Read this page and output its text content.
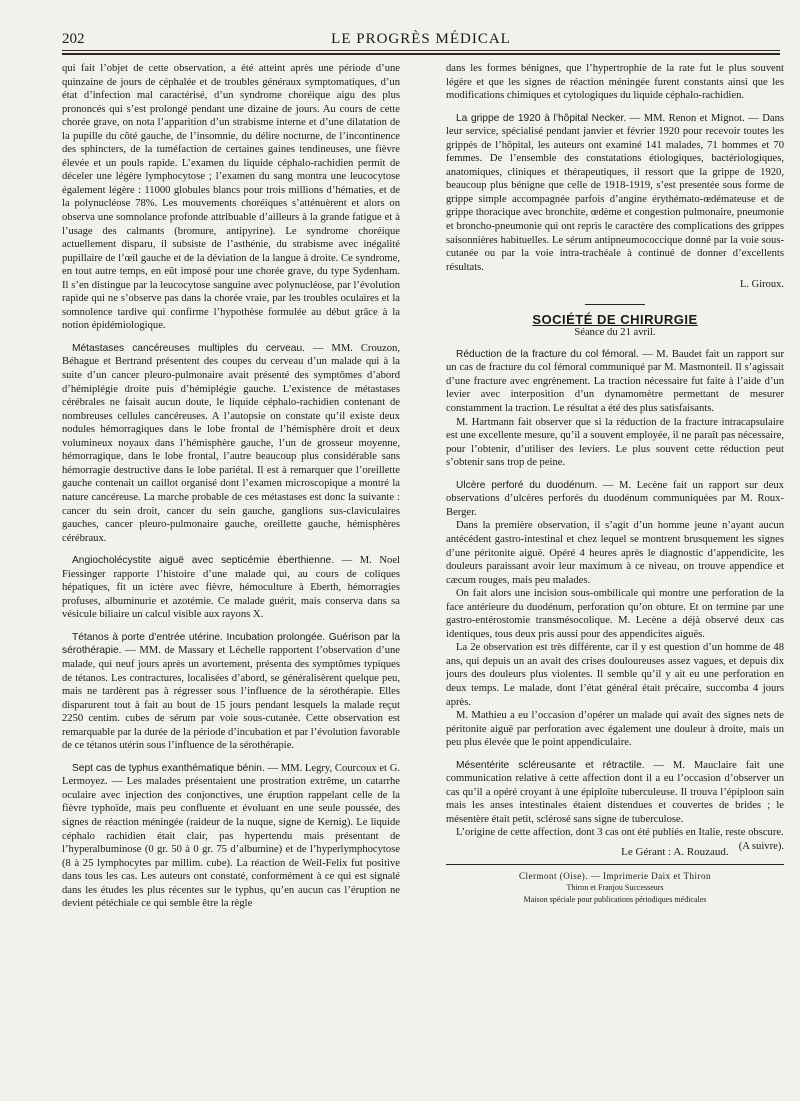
202	LE PROGRÈS MÉDICAL

qui fait l’objet de cette observation, a été atteint après une période d’une quinzaine de jours de céphalée et de troubles généraux symptomatiques, d’un état d’infection mal caractérisé, d’un syndrome choréique aigu des plus prononcés qui s’est prolongé pendant une dizaine de jours. Au cours de cette chorée grave, on nota l’apparition d’un strabisme interne et d’une dilatation de la pupille du côté gauche, de l’insomnie, du délire nocturne, de l’incontinence des sphincters, de la tuméfaction de certaines gaines tendineuses, une fièvre élevée et un pouls rapide. L’examen du liquide céphalo-rachidien permit de déceler une légère lymphocytose ; l’examen du sang montra une leucocytose également légère : 11000 globules blancs pour trois millions d’hématies, et de la polynucléose 78%. Les mouvements choréiques s’atténuèrent et alors on observa une somnolance profonde attribuable d’ailleurs à la grande fatigue et à l’usage des calmants (bromure, antipyrine). Le syndrome choréique actuellement disparu, il subsiste de l’asthénie, du strabisme avec inégalité pupillaire de l’œil gauche et de la déviation de la langue à droite. Ce syndrome, en tout autre temps, en eût imposé pour une chorée grave, du type Sydenham. Il s’en distingue par la leucocytose sanguine avec polynucléose, par l’évolution rapide qui ne s’observe pas dans la chorée vraie, par les troubles oculaires et la somnolence tardive qui confirme l’hypothèse formulée au début grâce à la notion épidémiologique.

Métastases cancéreuses multiples du cerveau. — MM. Crouzon, Béhague et Bertrand présentent des coupes du cerveau d’un malade qui à la suite d’un cancer pleuro-pulmonaire avait présenté des symptômes d’abord d’hémiplégie droite puis d’hémiplégie gauche. L’existence de métastases cérébrales ne faisait aucun doute, le liquide céphalo-rachidien contenant de nombreuses cellules cancéreuses. A l’autopsie on constate qu’il existe deux nodules hémorragiques dans le lobe frontal de l’hémisphère droit et deux volumineux noyaux dans l’hémisphère gauche, l’un de grosseur moyenne, hémorragique, dans le lobe frontal, l’autre beaucoup plus considérable sans hémorragie destructive dans le lobe pariétal. Il est à remarquer que l’oreillette gauche contenait un caillot organisé dont l’examen microscopique a montré la nature cancéreuse. La marche probable de ces métastases est donc la suivante : cancer du sein droit, cancer du sein gauche, ganglions sus-claviculaires gauches, cancer pleuro-pulmonaire gauche, oreillette gauche, hémisphères cérébraux.

Angiocholécystite aiguë avec septicémie éberthienne. — M. Noel Fiessinger rapporte l’histoire d’une malade qui, au cours de coliques hépatiques, fit un ictère avec fièvre, hémoculture à Eberth, hémorragies profuses, albuminurie et azotémie. Ce malade guérit, mais conserva dans sa vésicule biliaire un calcul visible aux rayons X.

Tétanos à porte d’entrée utérine. Incubation prolongée. Guérison par la sérothérapie. — MM. de Massary et Léchelle rapportent l’observation d’une malade, qui neuf jours après un avortement, présenta des symptômes typiques de tétanos. Les contractures, localisées d’abord, se généralisèrent quelque peu, mais ne tardèrent pas à régresser sous l’influence de la sérothérapie. Elles disparurent tout à fait au bout de 15 jours pendant lesquels la malade reçut 2250 centim. cubes de sérum par voie sous-cutanée. Cette observation est remarquable par la durée de la période d’incubation et par l’évolution favorable de ce tétanos utérin sous l’influence de la sérothérapie.

Sept cas de typhus exanthématique bénin. — MM. Legry, Courcoux et G. Lermoyez. — Les malades présentaient une prostration extrême, un catarrhe oculaire avec injection des conjonctives, une éruption rappelant celle de la fièvre typhoïde, mais peu confluente et évoluant en une seule poussée, des signes de réaction méningée (raideur de la nuque, signe de Kernig). Le liquide céphalo rachidien était clair, pas hypertendu mais présentant de l’hyperalbuminose (0 gr. 50 à 0 gr. 75 d’albumine) et de l’hyperlymphocytose (8 à 25 lymphocytes par millim. cube). La réaction de Weil-Felix fut positive dans tous les cas. Les auteurs ont constaté, conformément à ce qui est signalé dans les études les plus récentes sur le typhus, qu’en aucun cas l’éruption ne devient pétéchiale ce qui semble être la règle

dans les formes bénignes, que l’hypertrophie de la rate fut le plus souvent légère et que les signes de réaction méningée furent constants ainsi que les modifications chimiques et cytologiques du liquide céphalo-rachidien.

La grippe de 1920 à l’hôpital Necker. — MM. Renon et Mignot. — Dans leur service, spécialisé pendant janvier et février 1920 pour recevoir toutes les grippés de l’hôpital, les auteurs ont examiné 141 malades, 71 hommes et 70 femmes. De l’ensemble des constatations étiologiques, bactériologiques, anatomiques, cliniques et thérapeutiques, il ressort que la grippe de 1920, beaucoup plus bénigne que celle de 1918-1919, s’est presentée sous forme de grippe simple accompagnée parfois d’angine érythémato-œdémateuse et de grippe thoracique avec bronchite, œdème et congestion pulmonaire, pneumonie et broncho-pneumonie qui ont repris le caractère des complications des grippes saisonnières habituelles. Le sérum antipneumococcique donné par la voie sous-cutanée ou par la voie intra-trachéale à continué de donner d’excellents résultats.

L. Giroux.
SOCIÉTÉ DE CHIRURGIE
Séance du 21 avril.

Réduction de la fracture du col fémoral. — M. Baudet fait un rapport sur un cas de fracture du col fémoral communiqué par M. Masmonteil. Il s’agissait d’une fracture avec engrènement. La traction nécessaire fut faite à l’aide d’un levier avec interposition d’un dynamomètre permettant de mesurer constamment la traction. Le résultat a été des plus satisfaisants.

M. Hartmann fait observer que si la réduction de la fracture intracapsulaire est une excellente mesure, qu’il a souvent employée, il ne paraît pas nécessaire, pour l’obtenir, d’utiliser des leviers. Le plus souvent cette réduction peut s’obtenir sans trop de peine.

Ulcère perforé du duodénum. — M. Lecène fait un rapport sur deux observations d’ulcères perforés du duodénum communiquées par M. Roux-Berger.

Dans la première observation, il s’agit d’un homme jeune n’ayant aucun antécédent gastro-intestinal et chez lequel se montrent brusquement les signes d’une péritonite aiguë. Opéré 4 heures après le diagnostic d’appendicite, les douleurs paraissant avoir leur maximum à ce niveau, on trouve appendice et cæcum rouges, mais peu malades.

On fait alors une incision sous-ombilicale qui montre une perforation de la face antérieure du duodénum, perforation qu’on obture. Et on termine par une gastro-entérostomie transmésocolique. M. Lecène a déjà observé deux cas identiques, tous deux pris aussi pour des appendicites aiguës.

La 2e observation est très différente, car il y est question d’un homme de 48 ans, qui depuis un an avait des crises douloureuses assez vagues, et depuis dix jours des douleurs plus violentes. Il semble qu’il y ait eu une perforation en deux temps. Le malade, dont l’état général était précaire, succomba 4 jours après.

M. Mathieu a eu l’occasion d’opérer un malade qui avait des signes nets de péritonite aiguë par perforation avec également une douleur à droite, mais un peu plus élevée que le point appendiculaire.

Mésentérite scléreusante et rétractile. — M. Mauclaire fait une communication relative à cette affection dont il a eu l’occasion d’observer un cas qu’il a opéré croyant à une épiploïte tuberculeuse. Il trouva l’épiploon sain mais les anses intestinales étaient distendues et couvertes de brides ; le mésentère était petit, sclérosé sans signe de tuberculose.

L’origine de cette affection, dont 3 cas ont été publiés en Italie, reste obscure.
(A suivre).

Le Gérant : A. Rouzaud.
Clermont (Oise). — Imprimerie Daix et Thiron
Thiron et Franjou Successeurs
Maison spéciale pour publications périodiques médicales
